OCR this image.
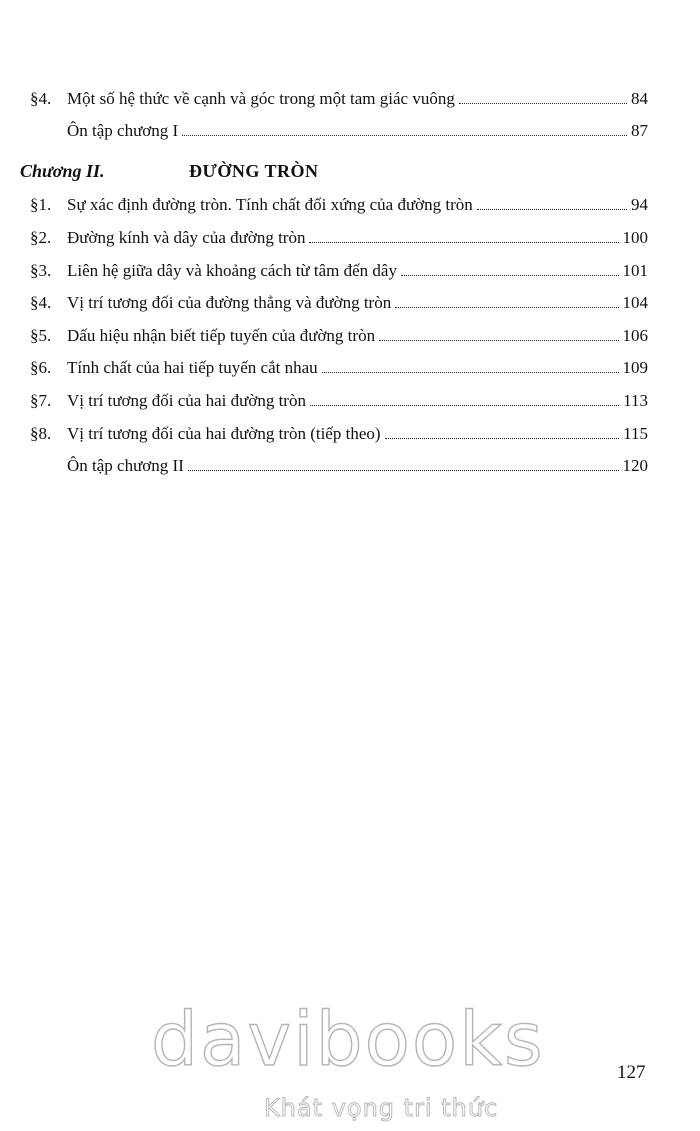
§4. Một số hệ thức về cạnh và góc trong một tam giác vuông	84
Ôn tập chương I	87
Chương II.	ĐƯỜNG TRÒN
§1. Sự xác định đường tròn. Tính chất đối xứng của đường tròn	94
§2. Đường kính và dây của đường tròn	100
§3. Liên hệ giữa dây và khoảng cách từ tâm đến dây	101
§4. Vị trí tương đối của đường thẳng và đường tròn	104
§5. Dấu hiệu nhận biết tiếp tuyến của đường tròn	106
§6. Tính chất của hai tiếp tuyến cắt nhau	109
§7. Vị trí tương đối của hai đường tròn	113
§8. Vị trí tương đối của hai đường tròn (tiếp theo)	115
Ôn tập chương II	120
127
davibooks
Khát vọng tri thức
